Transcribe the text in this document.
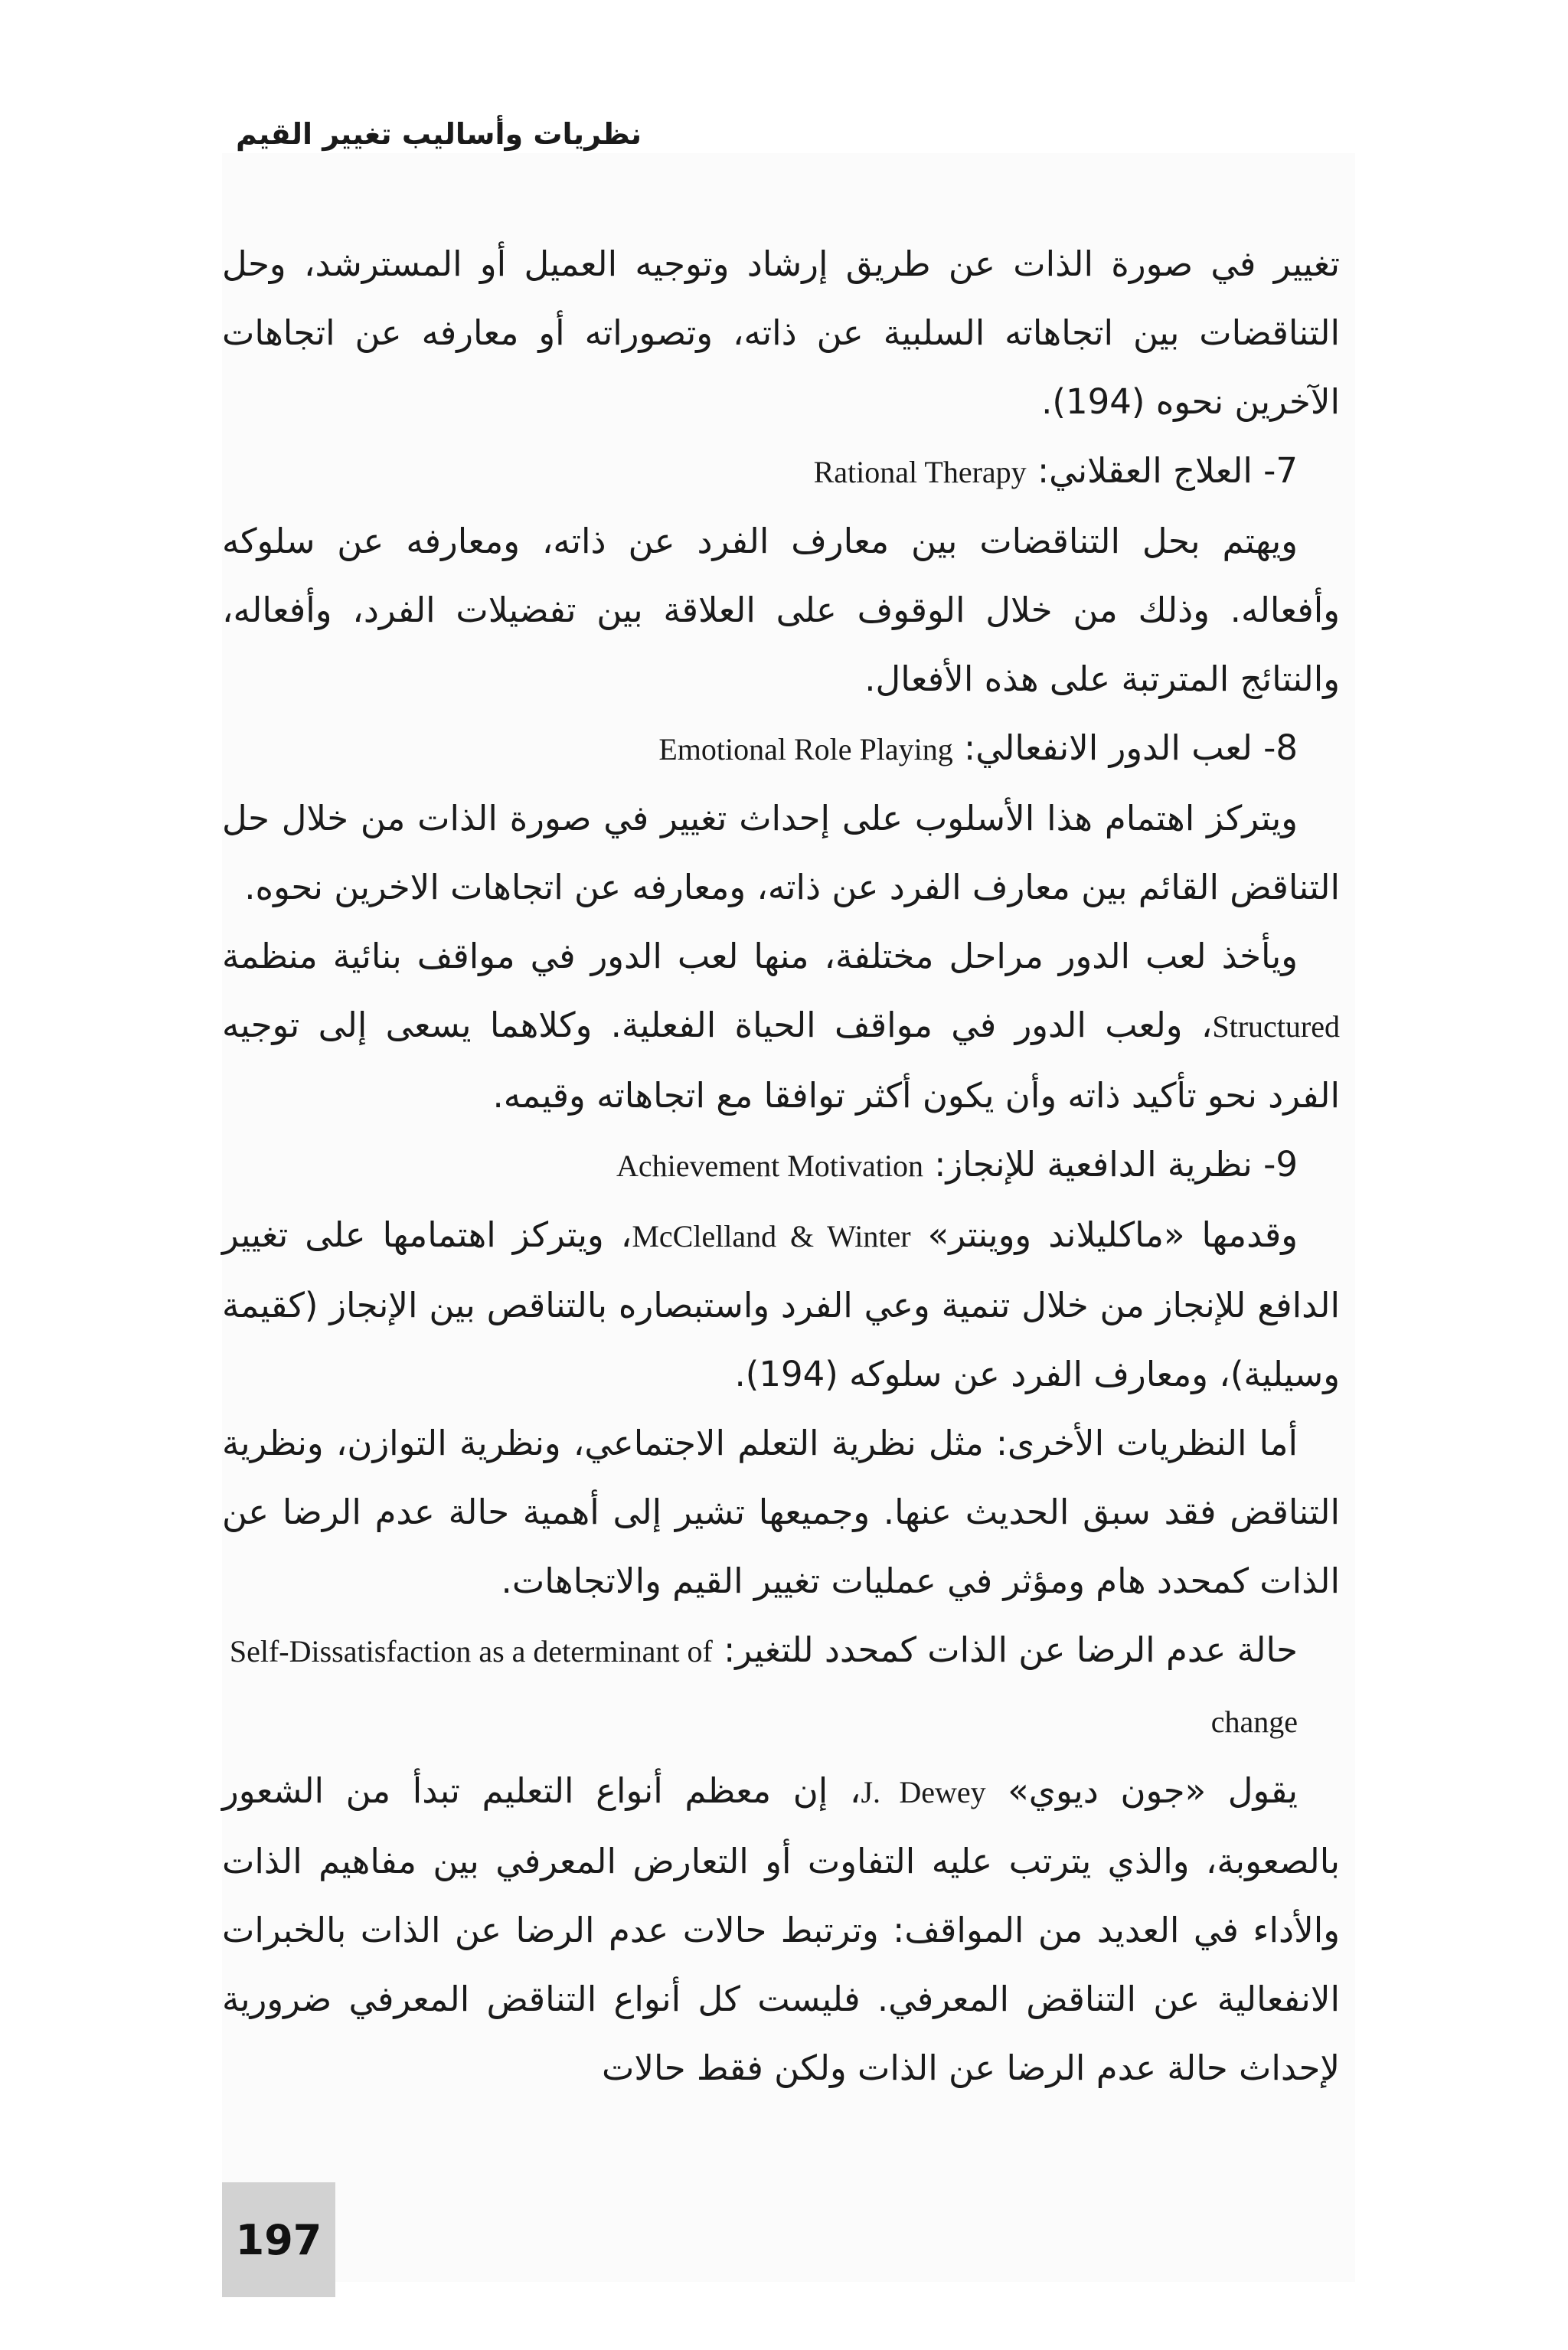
نظريات وأساليب تغيير القيم

تغيير في صورة الذات عن طريق إرشاد وتوجيه العميل أو المسترشد، وحل التناقضات بين اتجاهاته السلبية عن ذاته، وتصوراته أو معارفه عن اتجاهات الآخرين نحوه (194).

7- العلاج العقلاني: Rational Therapy

ويهتم بحل التناقضات بين معارف الفرد عن ذاته، ومعارفه عن سلوكه وأفعاله. وذلك من خلال الوقوف على العلاقة بين تفضيلات الفرد، وأفعاله، والنتائج المترتبة على هذه الأفعال.

8- لعب الدور الانفعالي: Emotional Role Playing

ويتركز اهتمام هذا الأسلوب على إحداث تغيير في صورة الذات من خلال حل التناقض القائم بين معارف الفرد عن ذاته، ومعارفه عن اتجاهات الاخرين نحوه.

ويأخذ لعب الدور مراحل مختلفة، منها لعب الدور في مواقف بنائية منظمة Structured، ولعب الدور في مواقف الحياة الفعلية. وكلاهما يسعى إلى توجيه الفرد نحو تأكيد ذاته وأن يكون أكثر توافقا مع اتجاهاته وقيمه.

9- نظرية الدافعية للإنجاز: Achievement Motivation

وقدمها «ماكليلاند ووينتر» McClelland & Winter، ويتركز اهتمامها على تغيير الدافع للإنجاز من خلال تنمية وعي الفرد واستبصاره بالتناقص بين الإنجاز (كقيمة وسيلية)، ومعارف الفرد عن سلوكه (194).

أما النظريات الأخرى: مثل نظرية التعلم الاجتماعي، ونظرية التوازن، ونظرية التناقض فقد سبق الحديث عنها. وجميعها تشير إلى أهمية حالة عدم الرضا عن الذات كمحدد هام ومؤثر في عمليات تغيير القيم والاتجاهات.

حالة عدم الرضا عن الذات كمحدد للتغير: Self-Dissatisfaction as a determinant of change

يقول «جون ديوي» J. Dewey، إن معظم أنواع التعليم تبدأ من الشعور بالصعوبة، والذي يترتب عليه التفاوت أو التعارض المعرفي بين مفاهيم الذات والأداء في العديد من المواقف: وترتبط حالات عدم الرضا عن الذات بالخبرات الانفعالية عن التناقض المعرفي. فليست كل أنواع التناقض المعرفي ضرورية لإحداث حالة عدم الرضا عن الذات ولكن فقط حالات

197
